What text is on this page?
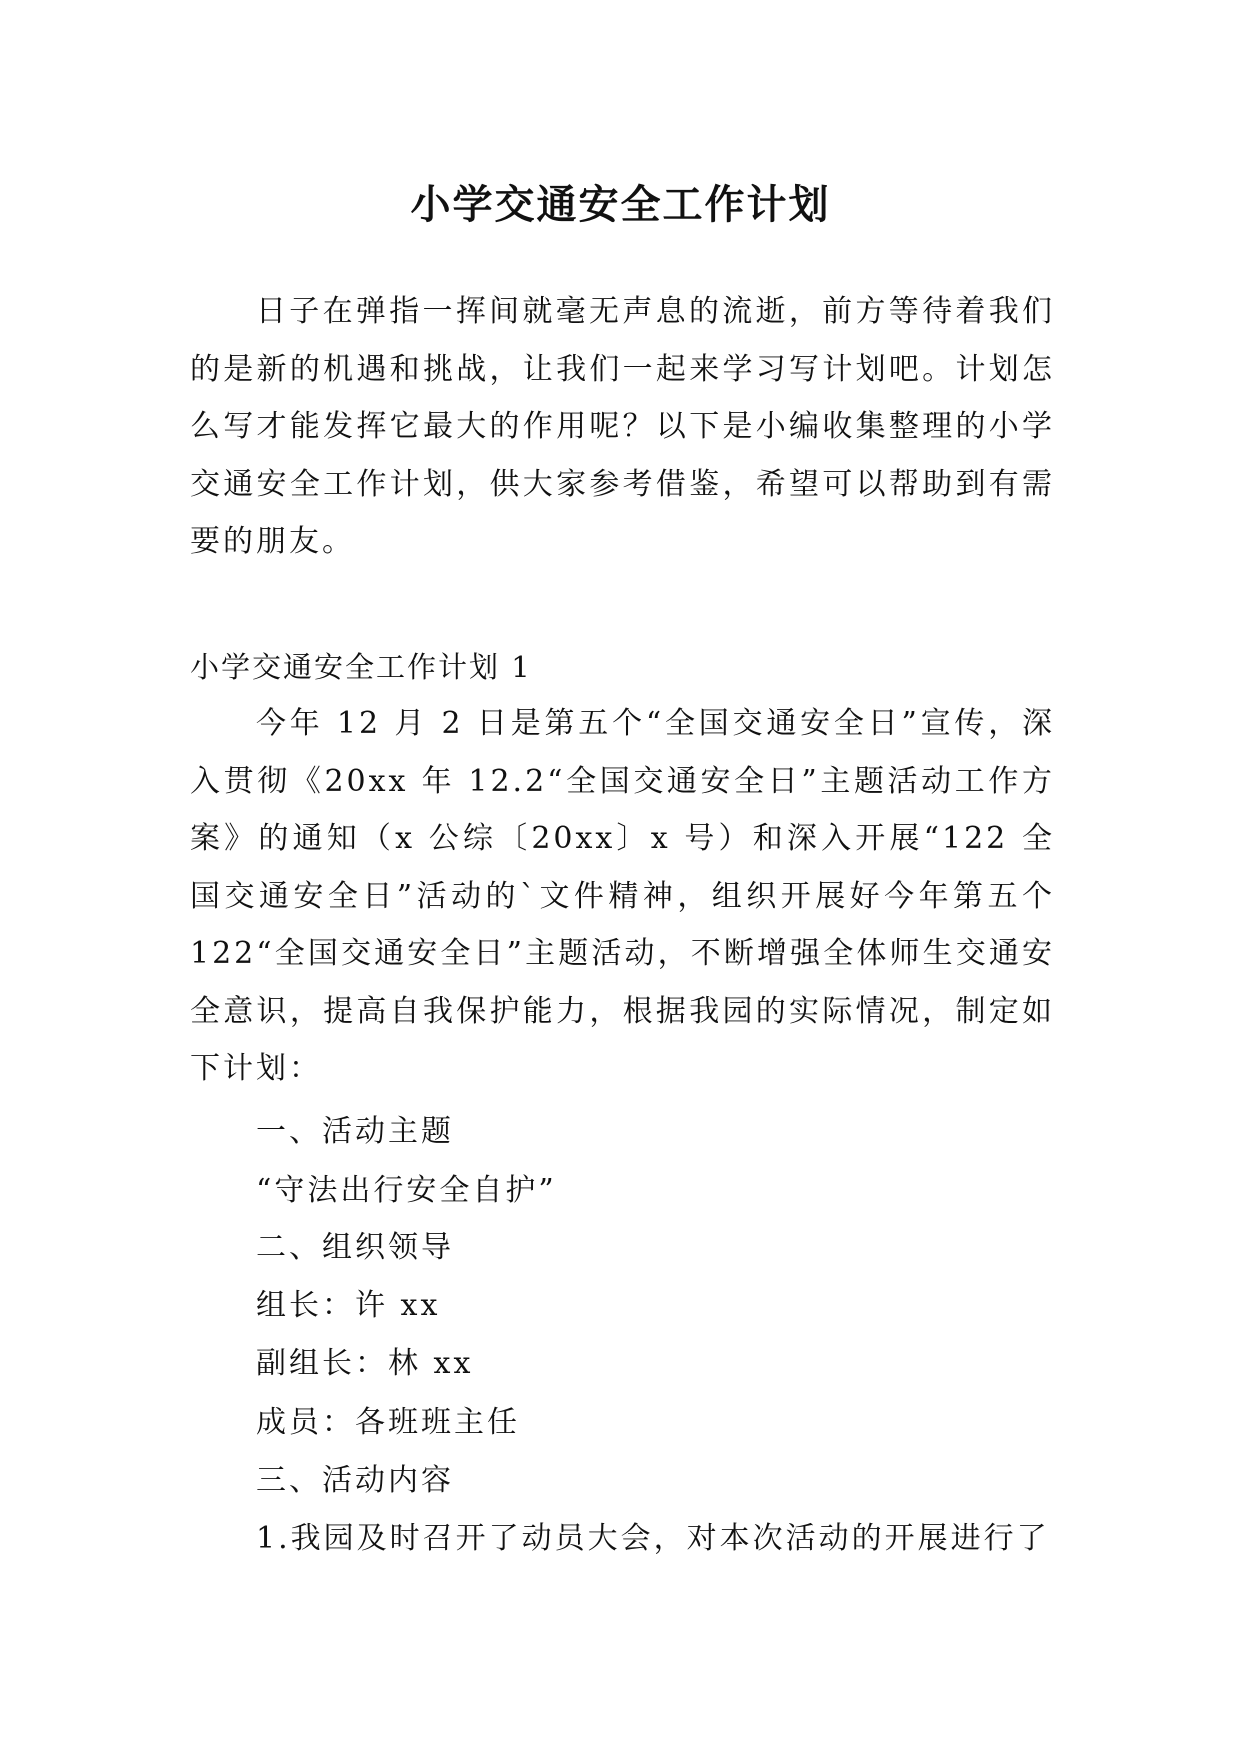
小学交通安全工作计划

日子在弹指一挥间就毫无声息的流逝，前方等待着我们的是新的机遇和挑战，让我们一起来学习写计划吧。计划怎么写才能发挥它最大的作用呢？以下是小编收集整理的小学交通安全工作计划，供大家参考借鉴，希望可以帮助到有需要的朋友。

小学交通安全工作计划 1

今年 12 月 2 日是第五个“全国交通安全日”宣传，深入贯彻《20xx 年 12.2“全国交通安全日”主题活动工作方案》的通知（x 公综〔20xx〕x 号）和深入开展“122 全国交通安全日”活动的`文件精神，组织开展好今年第五个 122“全国交通安全日”主题活动，不断增强全体师生交通安全意识，提高自我保护能力，根据我园的实际情况，制定如下计划：

一、活动主题

“守法出行安全自护”

二、组织领导

组长：许 xx

副组长：林 xx

成员：各班班主任

三、活动内容

1.我园及时召开了动员大会，对本次活动的开展进行了
